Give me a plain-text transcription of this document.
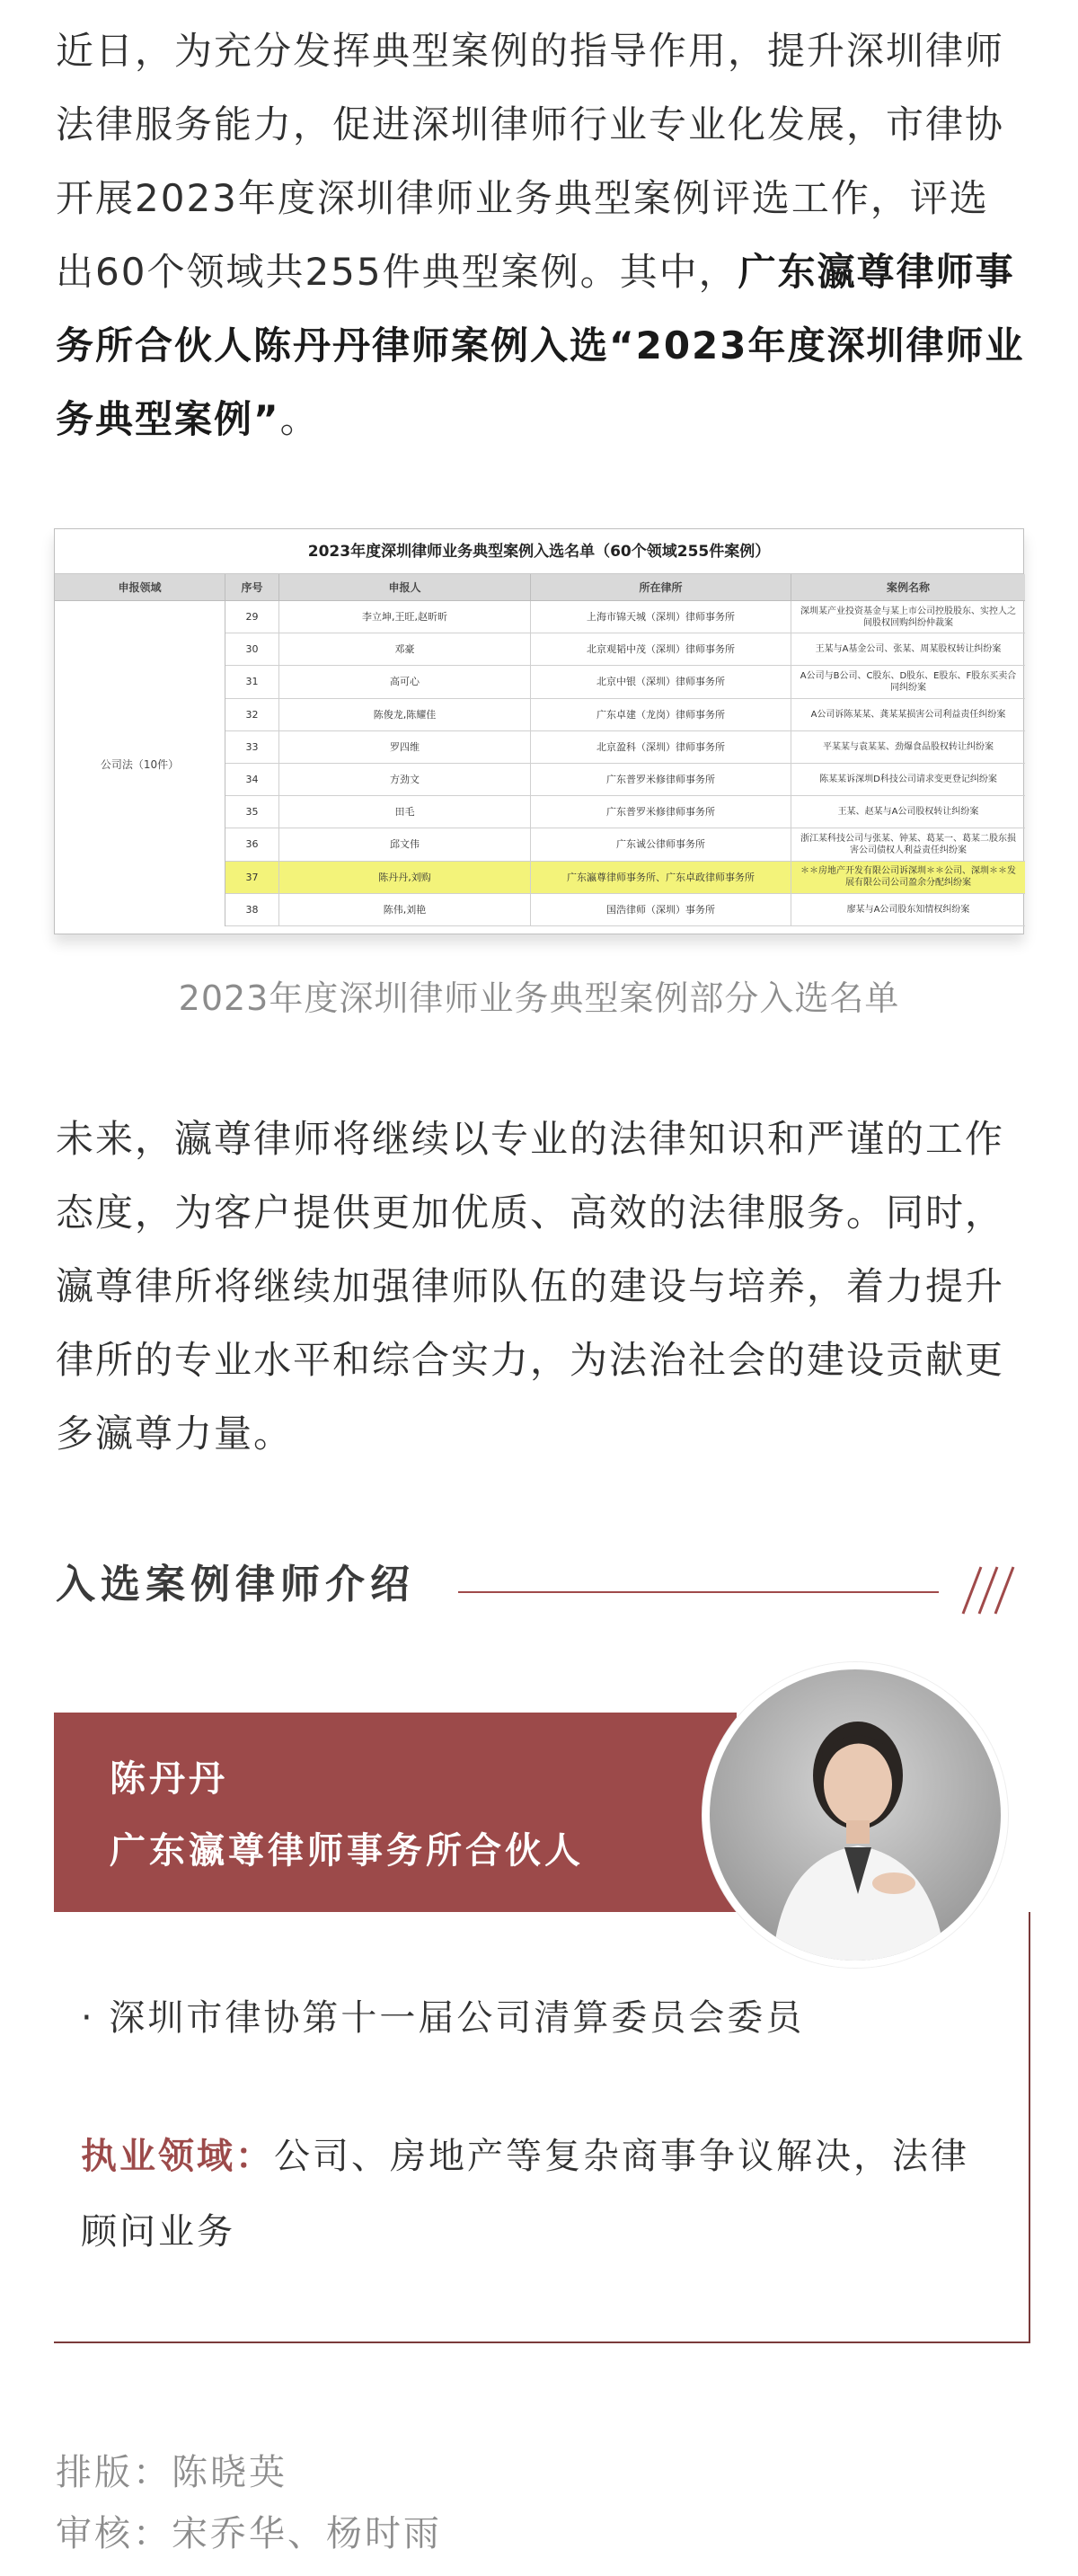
近日，为充分发挥典型案例的指导作用，提升深圳律师法律服务能力，促进深圳律师行业专业化发展，市律协开展2023年度深圳律师业务典型案例评选工作，评选出60个领域共255件典型案例。其中，广东瀛尊律师事务所合伙人陈丹丹律师案例入选“2023年度深圳律师业务典型案例”。
2023年度深圳律师业务典型案例入选名单（60个领域255件案例）
申报领域	序号	申报人	所在律所	案例名称
公司法（10件）
29	李立坤,王旺,赵昕昕	上海市锦天城（深圳）律师事务所	深圳某产业投资基金与某上市公司控股股东、实控人之间股权回购纠纷仲裁案
30	邓豪	北京观韬中茂（深圳）律师事务所	王某与A基金公司、张某、周某股权转让纠纷案
31	高可心	北京中银（深圳）律师事务所	A公司与B公司、C股东、D股东、E股东、F股东买卖合同纠纷案
32	陈俊龙,陈耀佳	广东卓建（龙岗）律师事务所	A公司诉陈某某、龚某某损害公司利益责任纠纷案
33	罗四维	北京盈科（深圳）律师事务所	平某某与袁某某、劲爆食品股权转让纠纷案
34	方劲文	广东普罗米修律师事务所	陈某某诉深圳D科技公司请求变更登记纠纷案
35	田毛	广东普罗米修律师事务所	王某、赵某与A公司股权转让纠纷案
36	邱文伟	广东诚公律师事务所	浙江某科技公司与张某、钟某、葛某一、葛某二股东损害公司债权人利益责任纠纷案
37	陈丹丹,刘购	广东瀛尊律师事务所、广东卓政律师事务所	＊＊房地产开发有限公司诉深圳＊＊公司、深圳＊＊发展有限公司公司盈余分配纠纷案
38	陈伟,刘艳	国浩律师（深圳）事务所	廖某与A公司股东知情权纠纷案
2023年度深圳律师业务典型案例部分入选名单
未来，瀛尊律师将继续以专业的法律知识和严谨的工作态度，为客户提供更加优质、高效的法律服务。同时，瀛尊律所将继续加强律师队伍的建设与培养，着力提升律所的专业水平和综合实力，为法治社会的建设贡献更多瀛尊力量。
入选案例律师介绍
陈丹丹
广东瀛尊律师事务所合伙人
· 深圳市律协第十一届公司清算委员会委员
执业领域：公司、房地产等复杂商事争议解决，法律顾问业务
排版：陈晓英
审核：宋乔华、杨时雨
